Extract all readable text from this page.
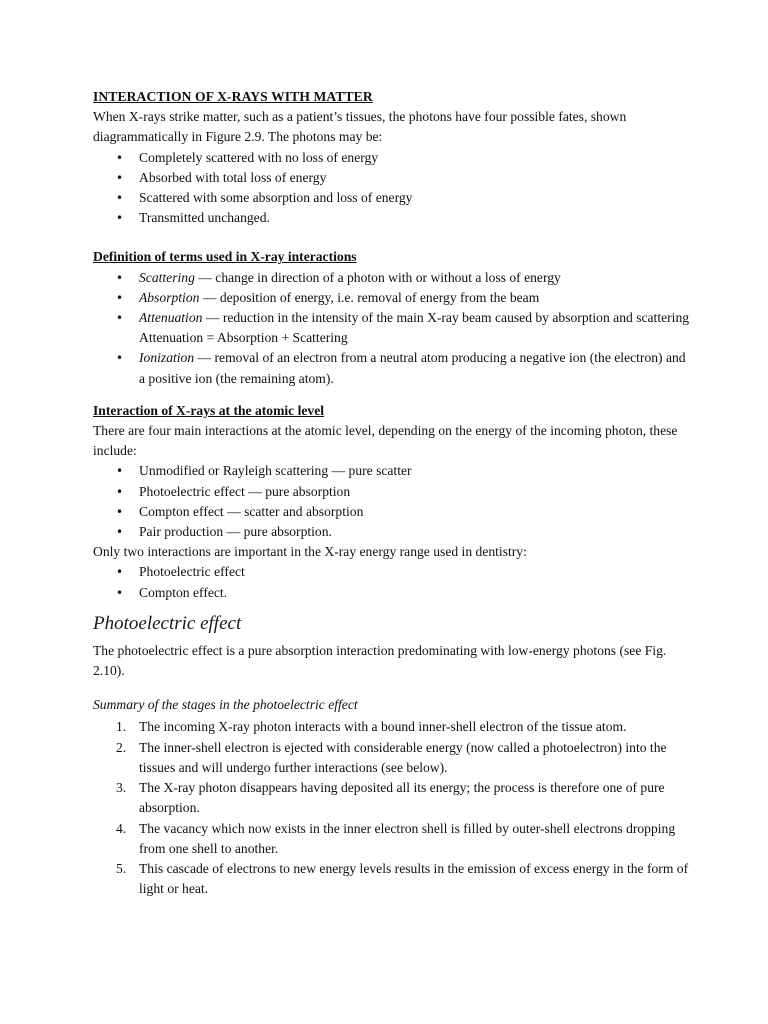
INTERACTION OF X-RAYS WITH MATTER

When X-rays strike matter, such as a patient’s tissues, the photons have four possible fates, shown diagrammatically in Figure 2.9. The photons may be:

• Completely scattered with no loss of energy
• Absorbed with total loss of energy
• Scattered with some absorption and loss of energy
• Transmitted unchanged.

Definition of terms used in X-ray interactions

• Scattering — change in direction of a photon with or without a loss of energy
• Absorption — deposition of energy, i.e. removal of energy from the beam
• Attenuation — reduction in the intensity of the main X-ray beam caused by absorption and scattering Attenuation = Absorption + Scattering
• Ionization — removal of an electron from a neutral atom producing a negative ion (the electron) and a positive ion (the remaining atom).

Interaction of X-rays at the atomic level

There are four main interactions at the atomic level, depending on the energy of the incoming photon, these include:

• Unmodified or Rayleigh scattering — pure scatter
• Photoelectric effect — pure absorption
• Compton effect — scatter and absorption
• Pair production — pure absorption.

Only two interactions are important in the X-ray energy range used in dentistry:

• Photoelectric effect
• Compton effect.

Photoelectric effect

The photoelectric effect is a pure absorption interaction predominating with low-energy photons (see Fig. 2.10).

Summary of the stages in the photoelectric effect

1. The incoming X-ray photon interacts with a bound inner-shell electron of the tissue atom.
2. The inner-shell electron is ejected with considerable energy (now called a photoelectron) into the tissues and will undergo further interactions (see below).
3. The X-ray photon disappears having deposited all its energy; the process is therefore one of pure absorption.
4. The vacancy which now exists in the inner electron shell is filled by outer-shell electrons dropping from one shell to another.
5. This cascade of electrons to new energy levels results in the emission of excess energy in the form of light or heat.
